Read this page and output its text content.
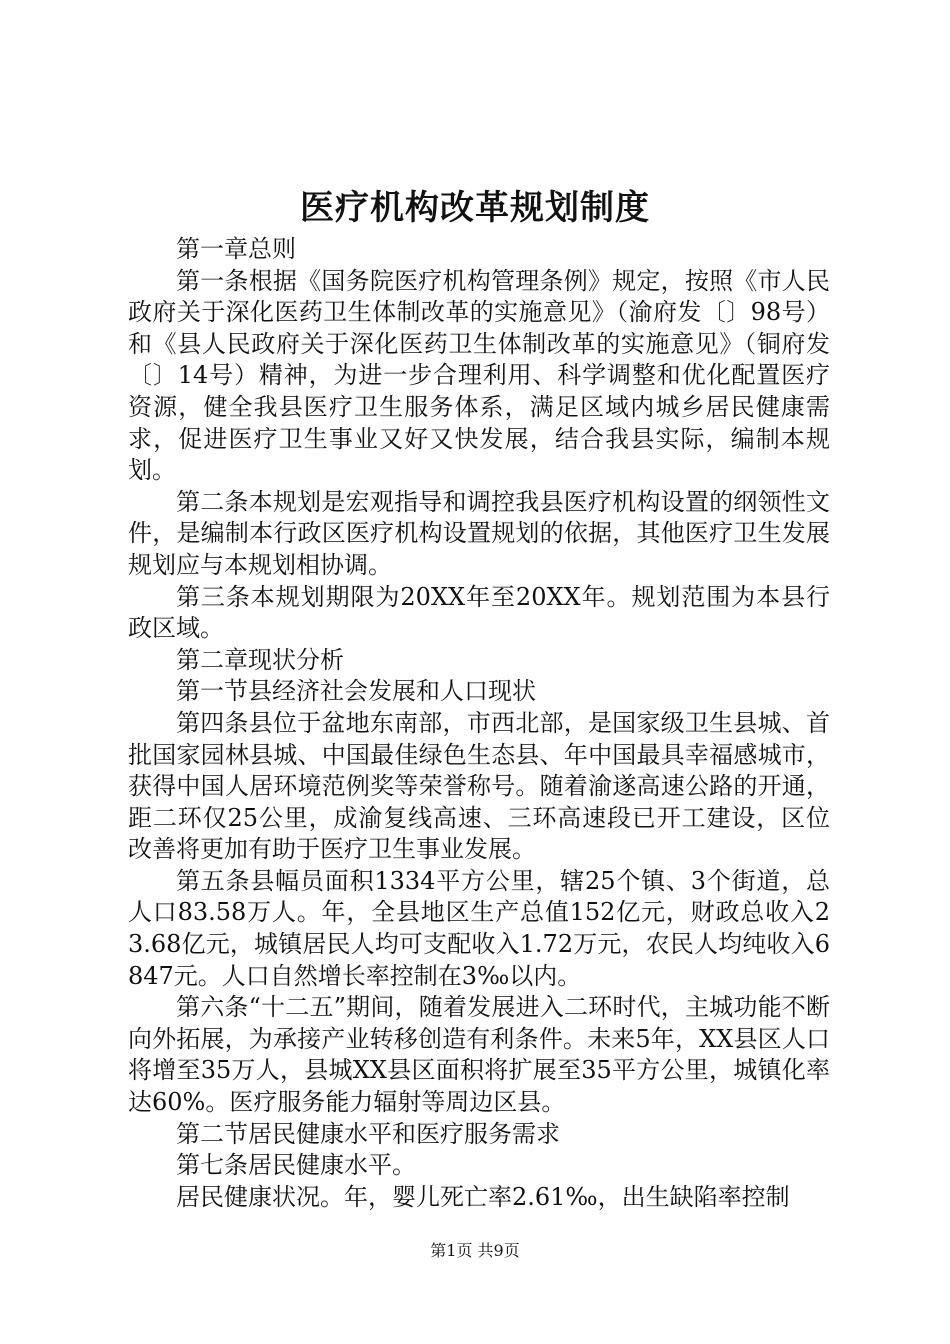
医疗机构改革规划制度

第一章总则

第一条根据《国务院医疗机构管理条例》规定，按照《市人民政府关于深化医药卫生体制改革的实施意见》（渝府发〔〕98号）和《县人民政府关于深化医药卫生体制改革的实施意见》（铜府发〔〕14号）精神，为进一步合理利用、科学调整和优化配置医疗资源，健全我县医疗卫生服务体系，满足区域内城乡居民健康需求，促进医疗卫生事业又好又快发展，结合我县实际，编制本规划。

第二条本规划是宏观指导和调控我县医疗机构设置的纲领性文件，是编制本行政区医疗机构设置规划的依据，其他医疗卫生发展规划应与本规划相协调。

第三条本规划期限为20XX年至20XX年。规划范围为本县行政区域。

第二章现状分析

第一节县经济社会发展和人口现状

第四条县位于盆地东南部，市西北部，是国家级卫生县城、首批国家园林县城、中国最佳绿色生态县、年中国最具幸福感城市，获得中国人居环境范例奖等荣誉称号。随着渝遂高速公路的开通，距二环仅25公里，成渝复线高速、三环高速段已开工建设，区位改善将更加有助于医疗卫生事业发展。

第五条县幅员面积1334平方公里，辖25个镇、3个街道，总人口83.58万人。年，全县地区生产总值152亿元，财政总收入23.68亿元，城镇居民人均可支配收入1.72万元，农民人均纯收入6847元。人口自然增长率控制在3‰以内。

第六条“十二五”期间，随着发展进入二环时代，主城功能不断向外拓展，为承接产业转移创造有利条件。未来5年，XX县区人口将增至35万人，县城XX县区面积将扩展至35平方公里，城镇化率达60%。医疗服务能力辐射等周边区县。

第二节居民健康水平和医疗服务需求

第七条居民健康水平。

居民健康状况。年，婴儿死亡率2.61‰，出生缺陷率控制

第1页 共9页
